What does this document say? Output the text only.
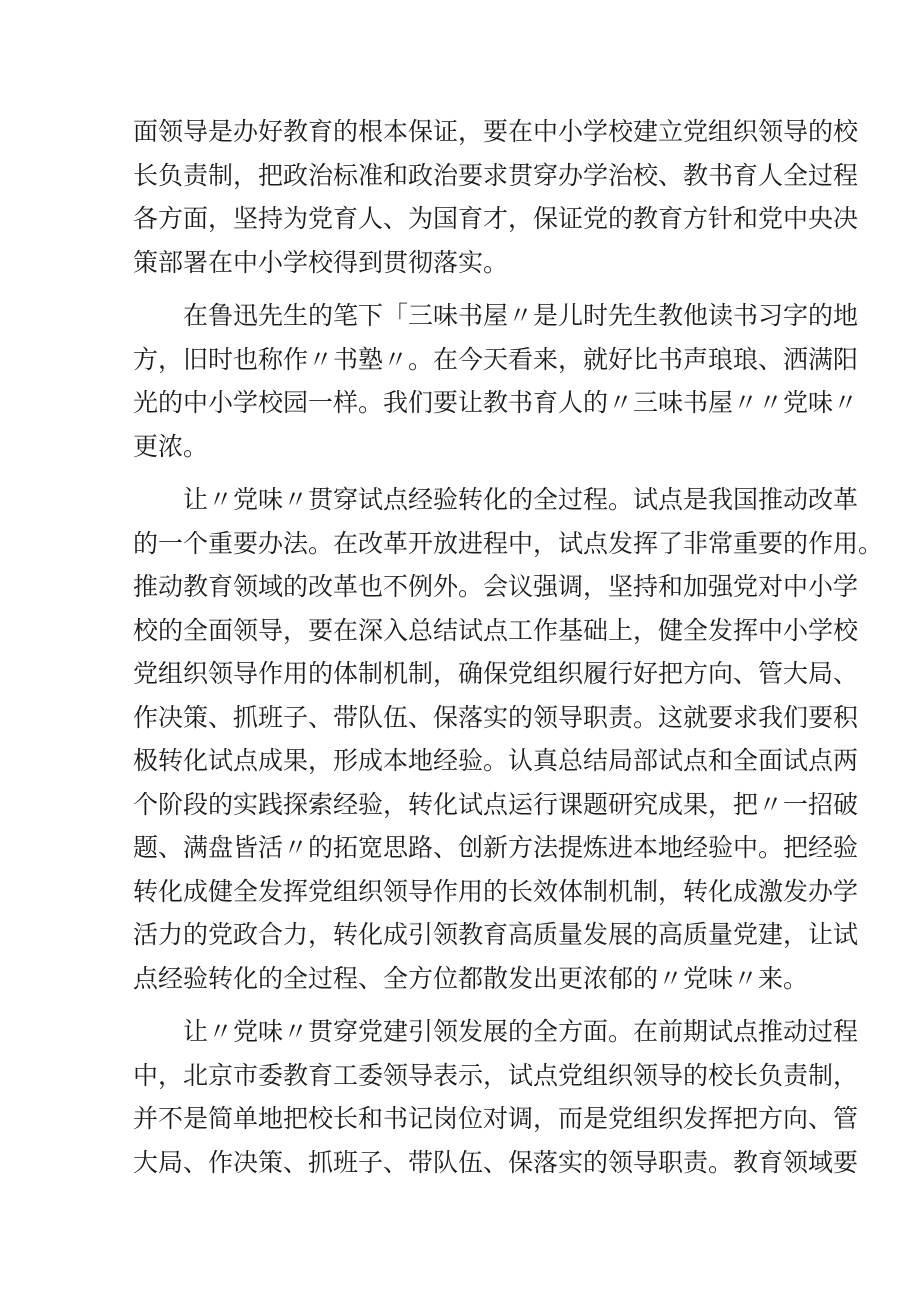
面领导是办好教育的根本保证，要在中小学校建立党组织领导的校
长负责制，把政治标准和政治要求贯穿办学治校、教书育人全过程
各方面，坚持为党育人、为国育才，保证党的教育方针和党中央决
策部署在中小学校得到贯彻落实。
在鲁迅先生的笔下「三味书屋〃是儿时先生教他读书习字的地
方，旧时也称作〃书塾〃。在今天看来，就好比书声琅琅、洒满阳
光的中小学校园一样。我们要让教书育人的〃三味书屋〃〃党味〃
更浓。
让〃党味〃贯穿试点经验转化的全过程。试点是我国推动改革
的一个重要办法。在改革开放进程中，试点发挥了非常重要的作用。
推动教育领域的改革也不例外。会议强调，坚持和加强党对中小学
校的全面领导，要在深入总结试点工作基础上，健全发挥中小学校
党组织领导作用的体制机制，确保党组织履行好把方向、管大局、
作决策、抓班子、带队伍、保落实的领导职责。这就要求我们要积
极转化试点成果，形成本地经验。认真总结局部试点和全面试点两
个阶段的实践探索经验，转化试点运行课题研究成果，把〃一招破
题、满盘皆活〃的拓宽思路、创新方法提炼进本地经验中。把经验
转化成健全发挥党组织领导作用的长效体制机制，转化成激发办学
活力的党政合力，转化成引领教育高质量发展的高质量党建，让试
点经验转化的全过程、全方位都散发出更浓郁的〃党味〃来。
让〃党味〃贯穿党建引领发展的全方面。在前期试点推动过程
中，北京市委教育工委领导表示，试点党组织领导的校长负责制，
并不是简单地把校长和书记岗位对调，而是党组织发挥把方向、管
大局、作决策、抓班子、带队伍、保落实的领导职责。教育领域要
